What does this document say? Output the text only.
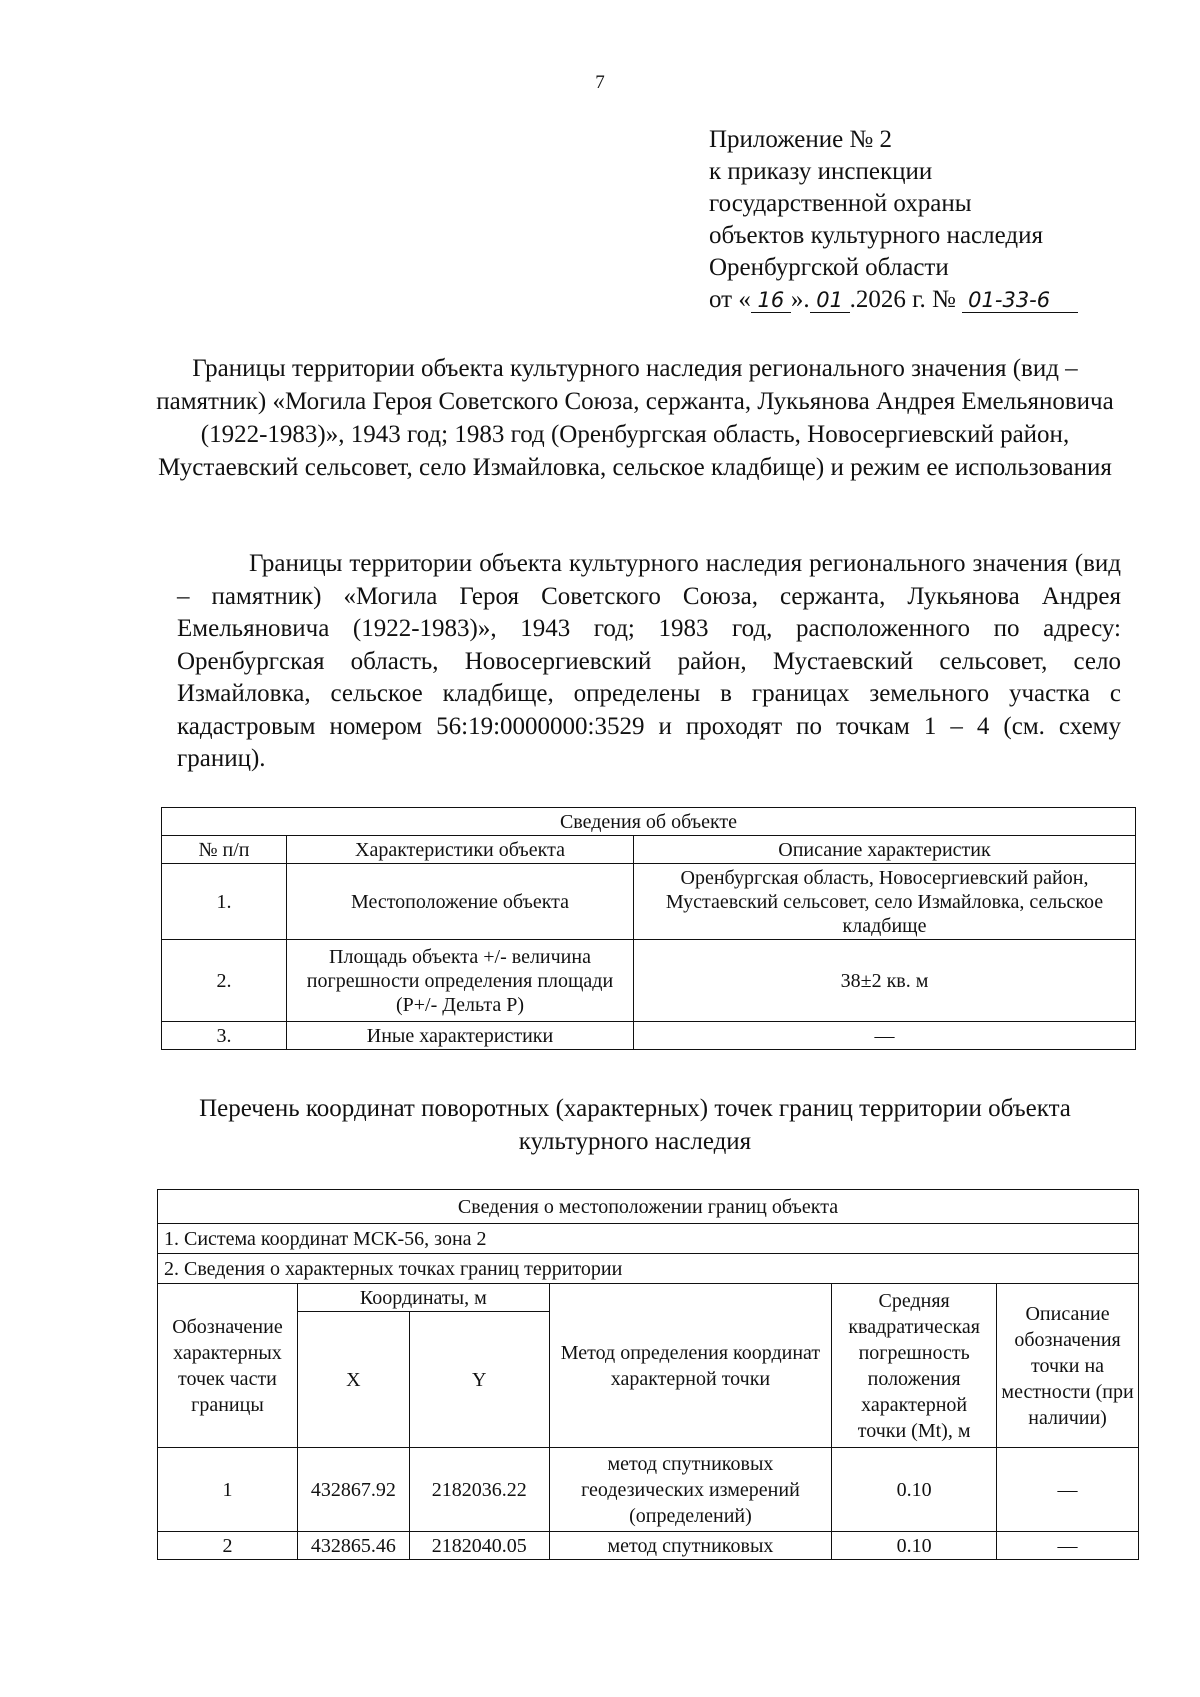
7
Приложение № 2
к приказу инспекции
государственной охраны
объектов культурного наследия
Оренбургской области
от « 16 ». 01 .2026 г. № 01-33-6
Границы территории объекта культурного наследия регионального значения (вид – памятник) «Могила Героя Советского Союза, сержанта, Лукьянова Андрея Емельяновича (1922-1983)», 1943 год; 1983 год (Оренбургская область, Новосергиевский район, Мустаевский сельсовет, село Измайловка, сельское кладбище) и режим ее использования
Границы территории объекта культурного наследия регионального значения (вид – памятник) «Могила Героя Советского Союза, сержанта, Лукьянова Андрея Емельяновича (1922-1983)», 1943 год; 1983 год, расположенного по адресу: Оренбургская область, Новосергиевский район, Мустаевский сельсовет, село Измайловка, сельское кладбище, определены в границах земельного участка с кадастровым номером 56:19:0000000:3529 и проходят по точкам 1 – 4 (см. схему границ).
Сведения об объекте		
№ п/п	Характеристики объекта	Описание характеристик
1.	Местоположение объекта	Оренбургская область, Новосергиевский район, Мустаевский сельсовет, село Измайловка, сельское кладбище
2.	Площадь объекта +/- величина погрешности определения площади (Р+/- Дельта Р)	38±2 кв. м
3.	Иные характеристики	—
Перечень координат поворотных (характерных) точек границ территории объекта культурного наследия
Сведения о местоположении границ объекта					
1. Система координат МСК-56, зона 2					
2. Сведения о характерных точках границ территории					
Обозначение характерных точек части границы	Координаты, м		Метод определения координат характерной точки	Средняя квадратическая погрешность положения характерной точки (Mt), м	Описание обозначения точки на местности (при наличии)
	X	Y			
1	432867.92	2182036.22	метод спутниковых геодезических измерений (определений)	0.10	—
2	432865.46	2182040.05	метод спутниковых	0.10	—
